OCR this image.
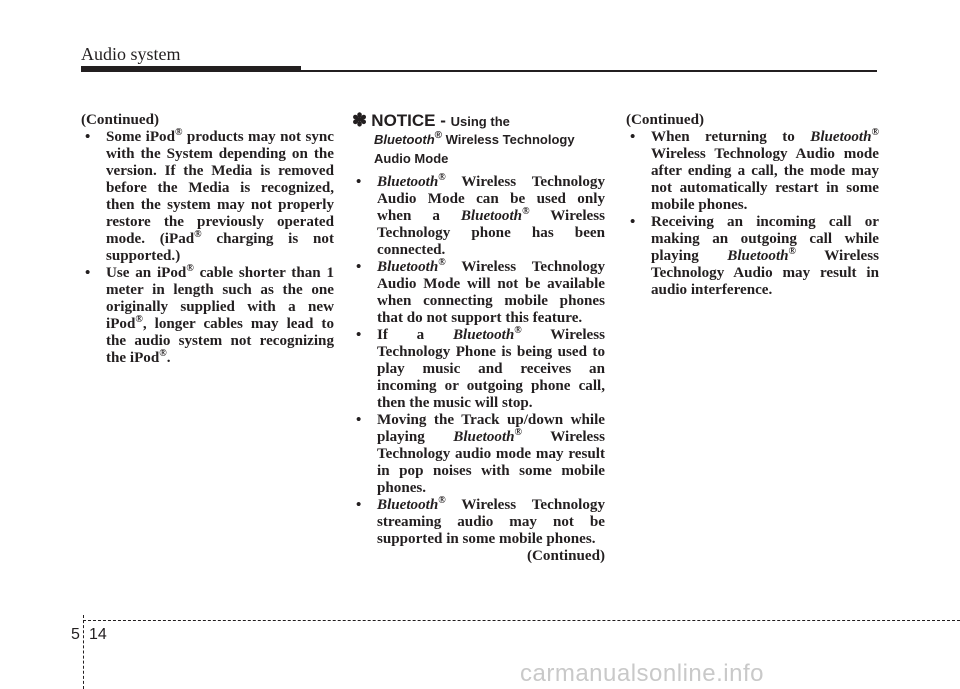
Audio system

(Continued)

• Some iPod® products may not sync with the System depending on the version. If the Media is removed before the Media is recognized, then the system may not properly restore the previously operated mode. (iPad® charging is not supported.)

• Use an iPod® cable shorter than 1 meter in length such as the one originally supplied with a new iPod®, longer cables may lead to the audio system not recognizing the iPod®.

✽ NOTICE - Using the
Bluetooth® Wireless Technology
Audio Mode

• Bluetooth® Wireless Technology Audio Mode can be used only when a Bluetooth® Wireless Technology phone has been connected.

• Bluetooth® Wireless Technology Audio Mode will not be available when connecting mobile phones that do not support this feature.

• If a Bluetooth® Wireless Technology Phone is being used to play music and receives an incoming or outgoing phone call, then the music will stop.

• Moving the Track up/down while playing Bluetooth® Wireless Technology audio mode may result in pop noises with some mobile phones.

• Bluetooth® Wireless Technology streaming audio may not be supported in some mobile phones.

(Continued)

(Continued)

• When returning to Bluetooth® Wireless Technology Audio mode after ending a call, the mode may not automatically restart in some mobile phones.

• Receiving an incoming call or making an outgoing call while playing Bluetooth® Wireless Technology Audio may result in audio interference.

5 14
carmanualsonline.info
